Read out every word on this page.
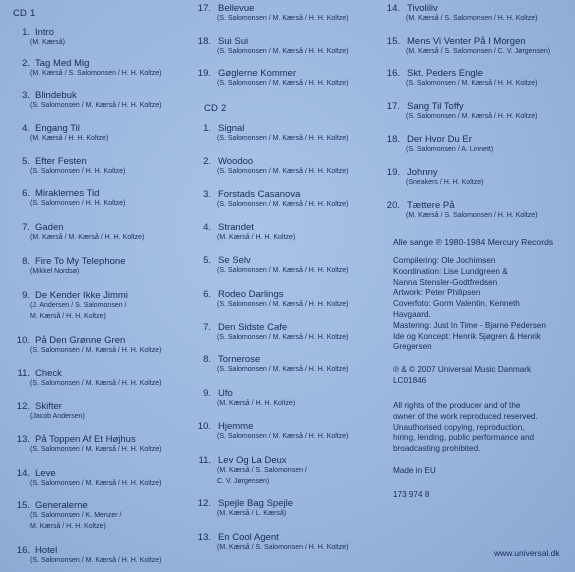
CD 1
1. Intro
(M. Kærså)
2. Tag Med Mig
(M. Kærså / S. Salomonsen / H. H. Koltze)
3. Blindebuk
(S. Salomonsen / M. Kærså / H. H. Koltze)
4. Engang Til
(M. Kærså / H. H. Koltze)
5. Efter Festen
(S. Salomonsen / H. H. Koltze)
6. Miraklernes Tid
(S. Salomonsen / H. H. Koltze)
7. Gaden
(M. Kærså / M. Kærså / H. H. Koltze)
8. Fire To My Telephone
(Mikkel Nordsø)
9. De Kender Ikke Jimmi
(J. Andersen / S. Salomonsen /
M. Kærså / H. H. Koltze)
10. På Den Grønne Gren
(S. Salomonsen / M. Kærså / H. H. Koltze)
11. Check
(S. Salomonsen / M. Kærså / H. H. Koltze)
12. Skifter
(Jacob Andersen)
13. På Toppen Af Et Højhus
(S. Salomonsen / M. Kærså / H. H. Koltze)
14. Leve
(S. Salomonsen / M. Kærså / H. H. Koltze)
15. Generalerne
(S. Salomonsen / K. Menzer /
M. Kærså / H. H. Koltze)
16. Hotel
(S. Salomonsen / M. Kærså / H. H. Koltze)
CD 2
17. Bellevue
(S. Salomonsen / M. Kærså / H. H. Koltze)
18. Sui Sui
(S. Salomonsen / M. Kærså / H. H. Koltze)
19. Gøglerne Kommer
(S. Salomonsen / M. Kærså / H. H. Koltze)
1. Signal
(S. Salomonsen / M. Kærså / H. H. Koltze)
2. Woodoo
(S. Salomonsen / M. Kærså / H. H. Koltze)
3. Forstads Casanova
(S. Salomonsen / M. Kærså / H. H. Koltze)
4. Strandet
(M. Kærså / H. H. Koltze)
5. Se Selv
(S. Salomonsen / M. Kærså / H. H. Koltze)
6. Rodeo Darlings
(S. Salomonsen / M. Kærså / H. H. Koltze)
7. Den Sidste Cafe
(S. Salomonsen / M. Kærså / H. H. Koltze)
8. Tornerose
(S. Salomonsen / M. Kærså / H. H. Koltze)
9. Ufo
(M. Kærså / H. H. Koltze)
10. Hjemme
(S. Salomonsen / M. Kærså / H. H. Koltze)
11. Lev Og La Deux
(M. Kærså / S. Salomonsen /
C. V. Jørgensen)
12. Spejle Bag Spejle
(M. Kærså / L. Kærså)
13. En Cool Agent
(M. Kærså / S. Salomonsen / H. H. Koltze)
Alle sange ℗ 1980-1984 Mercury Records
Compilering: Ole Jochimsen
Koordination: Lise Lundgreen &
Nanna Stensler-Godtfredsen
Artwork: Peter Philipsen
Coverfoto: Gorm Valentin, Kenneth
Havgaard.
Mastering: Just In Time - Bjarne Pedersen
Ide og Koncept: Henrik Sjøgren & Henrik
Gregersen
℗ & © 2007 Universal Music Danmark
LC01846
All rights of the producer and of the
owner of the work reproduced reserved.
Unauthorised copying, reproduction,
hiring, lending, public performance and
broadcasting prohibited.
Made in EU
173 974 8
www.universal.dk
14. Tivoliliv
(M. Kærså / S. Salomonsen / H. H. Koltze)
15. Mens Vi Venter På I Morgen
(M. Kærså / S. Salomonsen / C. V. Jørgensen)
16. Skt. Peders Engle
(S. Salomonsen / M. Kærså / H. H. Koltze)
17. Sang Til Toffy
(S. Salomonsen / M. Kærså / H. H. Koltze)
18. Der Hvor Du Er
(S. Salomonsen / A. Linnett)
19. Johnny
(Sneakers / H. H. Koltze)
20. Tættere På
(M. Kærså / S. Salomonsen / H. H. Koltze)
